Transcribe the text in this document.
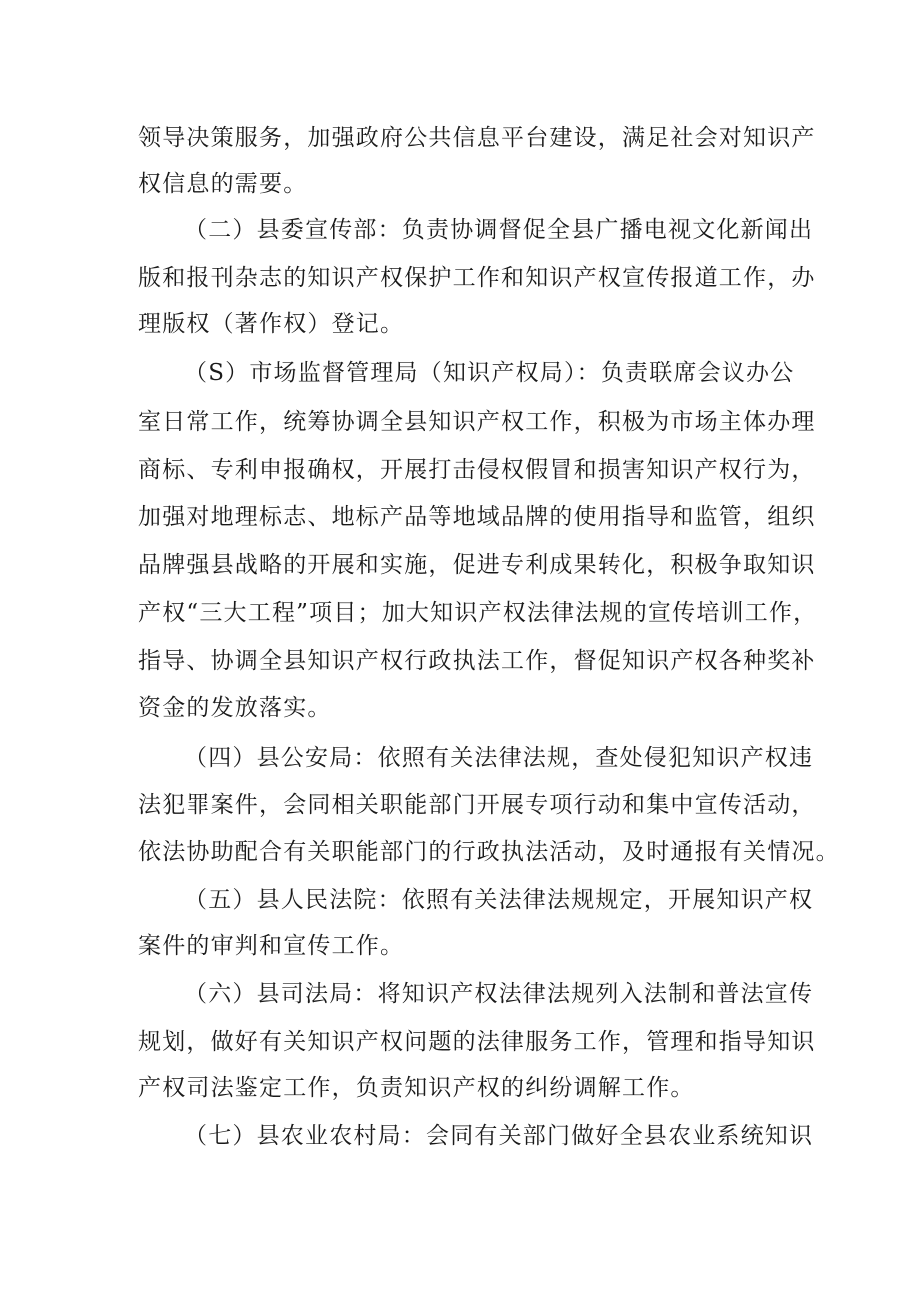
领导决策服务，加强政府公共信息平台建设，满足社会对知识产
权信息的需要。
（二）县委宣传部：负责协调督促全县广播电视文化新闻出
版和报刊杂志的知识产权保护工作和知识产权宣传报道工作，办
理版权（著作权）登记。
（S）市场监督管理局（知识产权局）：负责联席会议办公
室日常工作，统筹协调全县知识产权工作，积极为市场主体办理
商标、专利申报确权，开展打击侵权假冒和损害知识产权行为，
加强对地理标志、地标产品等地域品牌的使用指导和监管，组织
品牌强县战略的开展和实施，促进专利成果转化，积极争取知识
产权“三大工程”项目；加大知识产权法律法规的宣传培训工作，
指导、协调全县知识产权行政执法工作，督促知识产权各种奖补
资金的发放落实。
（四）县公安局：依照有关法律法规，查处侵犯知识产权违
法犯罪案件，会同相关职能部门开展专项行动和集中宣传活动，
依法协助配合有关职能部门的行政执法活动，及时通报有关情况。
（五）县人民法院：依照有关法律法规规定，开展知识产权
案件的审判和宣传工作。
（六）县司法局：将知识产权法律法规列入法制和普法宣传
规划，做好有关知识产权问题的法律服务工作，管理和指导知识
产权司法鉴定工作，负责知识产权的纠纷调解工作。
（七）县农业农村局：会同有关部门做好全县农业系统知识
